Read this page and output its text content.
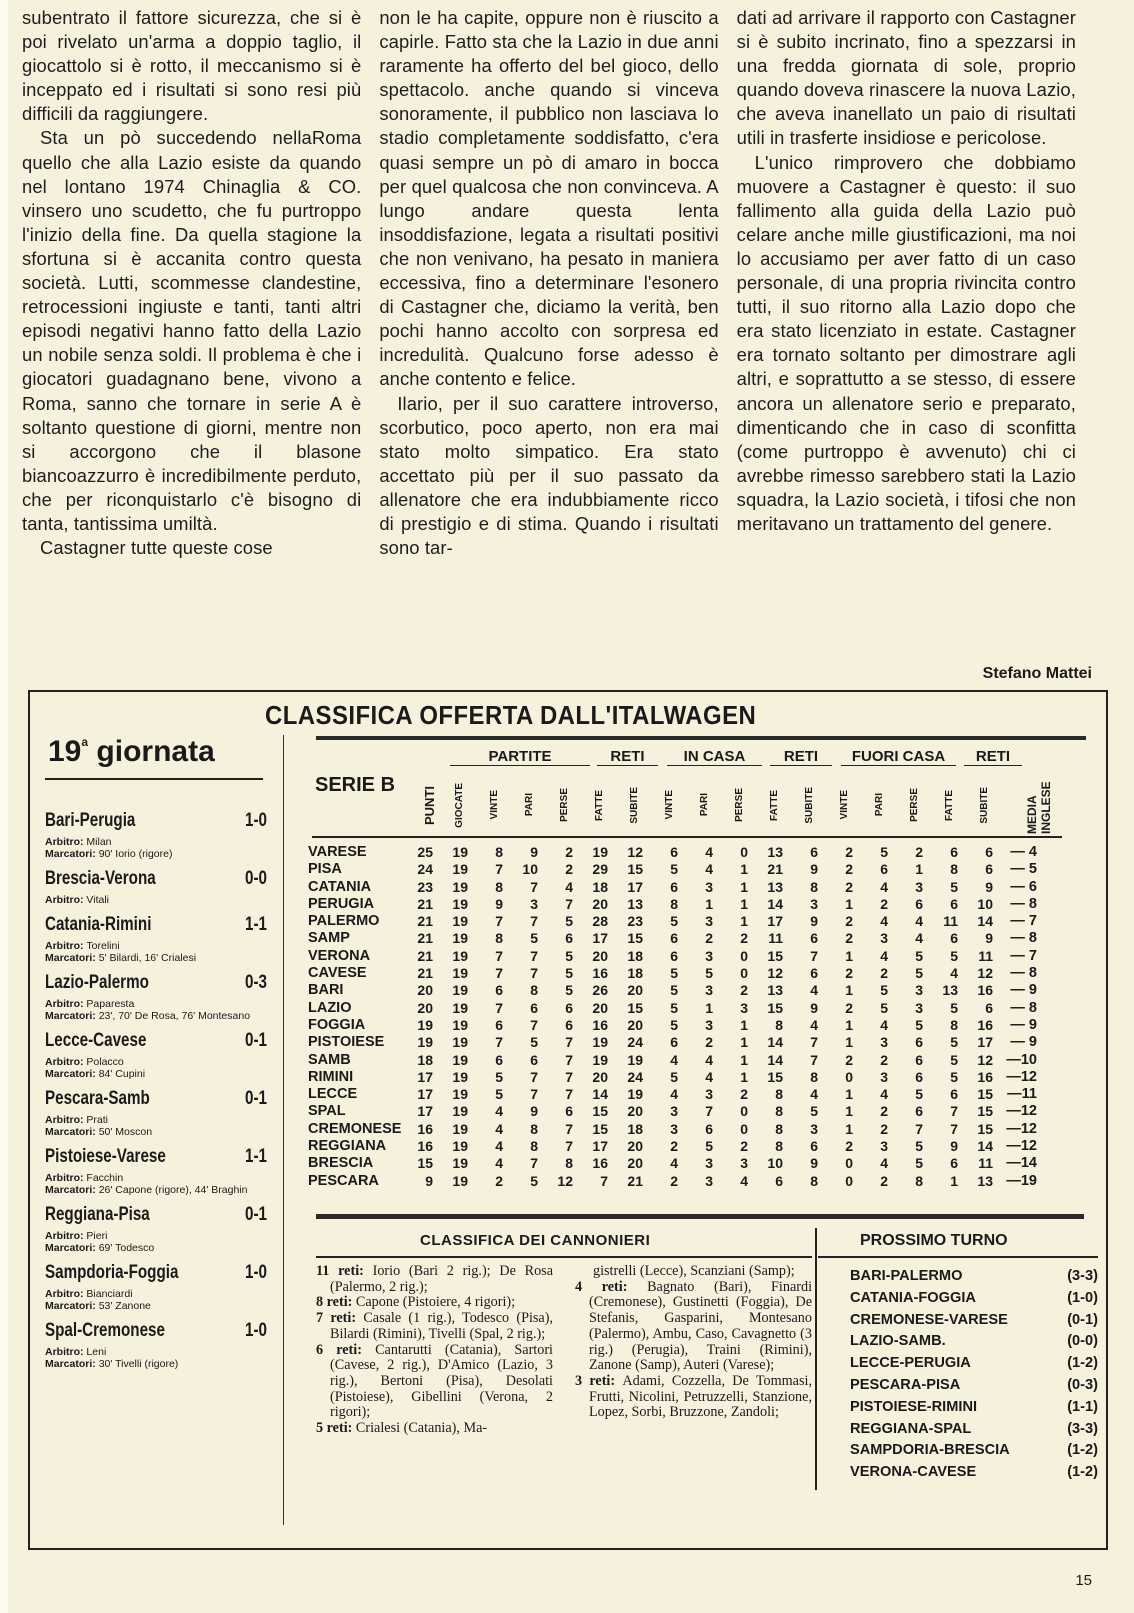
subentrato il fattore sicurezza, che si è poi rivelato un'arma a doppio taglio, il giocattolo si è rotto, il meccanismo si è inceppato ed i risultati si sono resi più difficili da raggiungere.

Sta un pò succedendo nellaRoma quello che alla Lazio esiste da quando nel lontano 1974 Chinaglia & CO. vinsero uno scudetto, che fu purtroppo l'inizio della fine. Da quella stagione la sfortuna si è accanita contro questa società. Lutti, scommesse clandestine, retrocessioni ingiuste e tanti, tanti altri episodi negativi hanno fatto della Lazio un nobile senza soldi. Il problema è che i giocatori guadagnano bene, vivono a Roma, sanno che tornare in serie A è soltanto questione di giorni, mentre non si accorgono che il blasone biancoazzurro è incredibilmente perduto, che per riconquistarlo c'è bisogno di tanta, tantissima umiltà.

Castagner tutte queste cose

non le ha capite, oppure non è riuscito a capirle. Fatto sta che la Lazio in due anni raramente ha offerto del bel gioco, dello spettacolo. anche quando si vinceva sonoramente, il pubblico non lasciava lo stadio completamente soddisfatto, c'era quasi sempre un pò di amaro in bocca per quel qualcosa che non convinceva. A lungo andare questa lenta insoddisfazione, legata a risultati positivi che non venivano, ha pesato in maniera eccessiva, fino a determinare l'esonero di Castagner che, diciamo la verità, ben pochi hanno accolto con sorpresa ed incredulità. Qualcuno forse adesso è anche contento e felice.

Ilario, per il suo carattere introverso, scorbutico, poco aperto, non era mai stato molto simpatico. Era stato accettato più per il suo passato da allenatore che era indubbiamente ricco di prestigio e di stima. Quando i risultati sono tar-

dati ad arrivare il rapporto con Castagner si è subito incrinato, fino a spezzarsi in una fredda giornata di sole, proprio quando doveva rinascere la nuova Lazio, che aveva inanellato un paio di risultati utili in trasferte insidiose e pericolose.

L'unico rimprovero che dobbiamo muovere a Castagner è questo: il suo fallimento alla guida della Lazio può celare anche mille giustificazioni, ma noi lo accusiamo per aver fatto di un caso personale, di una propria rivincita contro tutti, il suo ritorno alla Lazio dopo che era stato licenziato in estate. Castagner era tornato soltanto per dimostrare agli altri, e soprattutto a se stesso, di essere ancora un allenatore serio e preparato, dimenticando che in caso di sconfitta (come purtroppo è avvenuto) chi ci avrebbe rimesso sarebbero stati la Lazio squadra, la Lazio società, i tifosi che non meritavano un trattamento del genere.

Stefano Mattei
CLASSIFICA OFFERTA DALL'ITALWAGEN
19$^a$ giornata
Bari-Perugia	1-0
Arbitro: Milan
Marcatori: 90' Iorio (rigore)
Brescia-Verona	0-0
Arbitro: Vitali
Catania-Rimini	1-1
Arbitro: Torelini
Marcatori: 5' Bilardi, 16' Crialesi
Lazio-Palermo	0-3
Arbitro: Paparesta
Marcatori: 23', 70' De Rosa, 76' Montesano
Lecce-Cavese	0-1
Arbitro: Polacco
Marcatori: 84' Cupini
Pescara-Samb	0-1
Arbitro: Prati
Marcatori: 50' Moscon
Pistoiese-Varese	1-1
Arbitro: Facchin
Marcatori: 26' Capone (rigore), 44' Braghin
Reggiana-Pisa	0-1
Arbitro: Pieri
Marcatori: 69' Todesco
Sampdoria-Foggia	1-0
Arbitro: Bianciardi
Marcatori: 53' Zanone
Spal-Cremonese	1-0
Arbitro: Leni
Marcatori: 30' Tivelli (rigore)
SERIE B
PARTITE	RETI	IN CASA	RETI	FUORI CASA	RETI
PUNTI GIOCATE VINTE PARI PERSE FATTE SUBITE VINTE PARI PERSE FATTE SUBITE VINTE PARI PERSE FATTE SUBITE	MEDIA INGLESE
VARESE	25	19	8	9	2	19	12	6	4	0	13	6	2	5	2	6	6	— 4
PISA	24	19	7	10	2	29	15	5	4	1	21	9	2	6	1	8	6	— 5
CATANIA	23	19	8	7	4	18	17	6	3	1	13	8	2	4	3	5	9	— 6
PERUGIA	21	19	9	3	7	20	13	8	1	1	14	3	1	2	6	6	10	— 8
PALERMO	21	19	7	7	5	28	23	5	3	1	17	9	2	4	4	11	14	— 7
SAMP	21	19	8	5	6	17	15	6	2	2	11	6	2	3	4	6	9	— 8
VERONA	21	19	7	7	5	20	18	6	3	0	15	7	1	4	5	5	11	— 7
CAVESE	21	19	7	7	5	16	18	5	5	0	12	6	2	2	5	4	12	— 8
BARI	20	19	6	8	5	26	20	5	3	2	13	4	1	5	3	13	16	— 9
LAZIO	20	19	7	6	6	20	15	5	1	3	15	9	2	5	3	5	6	— 8
FOGGIA	19	19	6	7	6	16	20	5	3	1	8	4	1	4	5	8	16	— 9
PISTOIESE	19	19	7	5	7	19	24	6	2	1	14	7	1	3	6	5	17	— 9
SAMB	18	19	6	6	7	19	19	4	4	1	14	7	2	2	6	5	12 —10
RIMINI	17	19	5	7	7	20	24	5	4	1	15	8	0	3	6	5	16 —12
LECCE	17	19	5	7	7	14	19	4	3	2	8	4	1	4	5	6	15 —11
SPAL	17	19	4	9	6	15	20	3	7	0	8	5	1	2	6	7	15 —12
CREMONESE	16	19	4	8	7	15	18	3	6	0	8	3	1	2	7	7	15 —12
REGGIANA	16	19	4	8	7	17	20	2	5	2	8	6	2	3	5	9	14 —12
BRESCIA	15	19	4	7	8	16	20	4	3	3	10	9	0	4	5	6	11 —14
PESCARA	9	19	2	5	12	7	21	2	3	4	6	8	0	2	8	1	13 —19
CLASSIFICA DEI CANNONIERI

11 reti: Iorio (Bari 2 rig.); De Rosa (Palermo, 2 rig.);

8 reti: Capone (Pistoiere, 4 rigori);

7 reti: Casale (1 rig.), Todesco (Pisa), Bilardi (Rimini), Tivelli (Spal, 2 rig.);

6 reti: Cantarutti (Catania), Sartori (Cavese, 2 rig.), D'Amico (Lazio, 3 rig.), Bertoni (Pisa), Desolati (Pistoiese), Gibellini (Verona, 2 rigori);

5 reti: Crialesi (Catania), Ma-

gistrelli (Lecce), Scanziani (Samp);

4 reti: Bagnato (Bari), Finardi (Cremonese), Gustinetti (Foggia), De Stefanis, Gasparini, Montesano (Palermo), Ambu, Caso, Cavagnetto (3 rig.) (Perugia), Traini (Rimini), Zanone (Samp), Auteri (Varese);

3 reti: Adami, Cozzella, De Tommasi, Frutti, Nicolini, Petruzzelli, Stanzione, Lopez, Sorbi, Bruzzone, Zandoli;

PROSSIMO TURNO
BARI-PALERMO	(3-3)
CATANIA-FOGGIA	(1-0)
CREMONESE-VARESE	(0-1)
LAZIO-SAMB.	(0-0)
LECCE-PERUGIA	(1-2)
PESCARA-PISA	(0-3)
PISTOIESE-RIMINI	(1-1)
REGGIANA-SPAL	(3-3)
SAMPDORIA-BRESCIA	(1-2)
VERONA-CAVESE	(1-2)
15
